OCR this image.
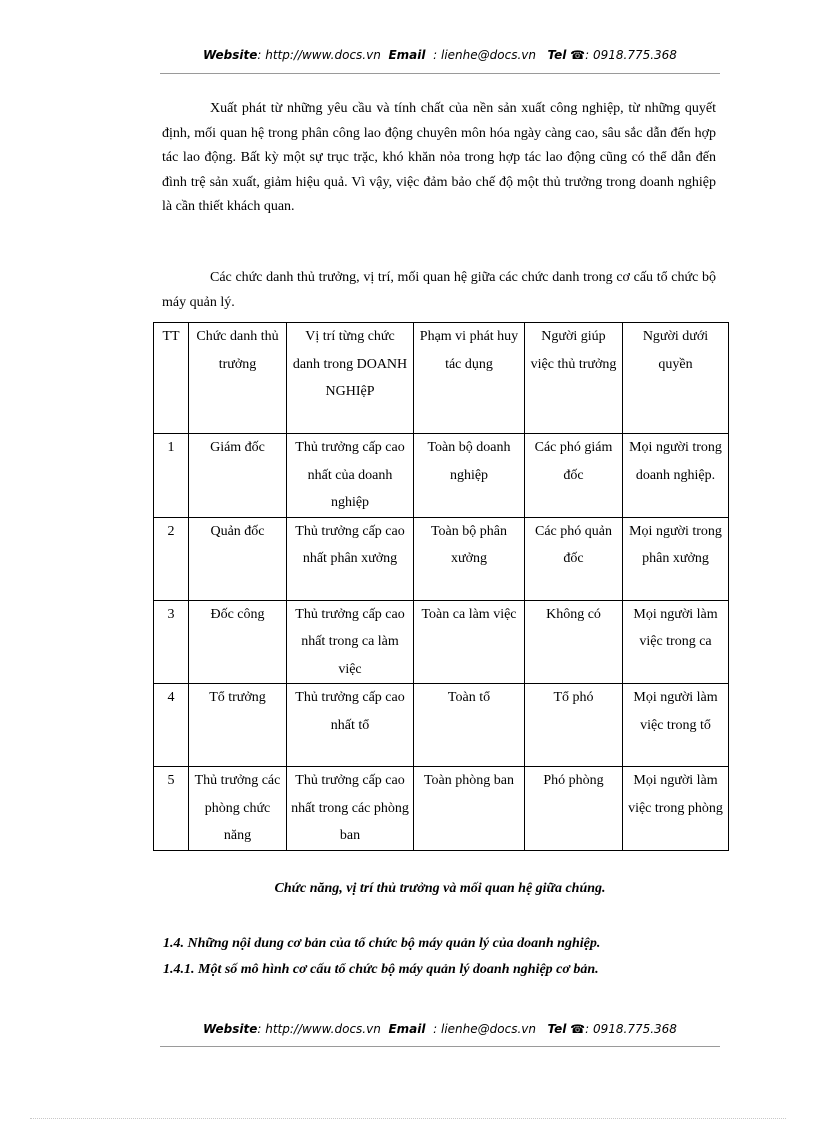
Website: http://www.docs.vn Email : lienhe@docs.vn Tel ☎: 0918.775.368

Xuất phát từ những yêu cầu và tính chất của nền sản xuất công nghiệp, từ những quyết định, mối quan hệ trong phân công lao động chuyên môn hóa ngày càng cao, sâu sắc dẫn đến hợp tác lao động. Bất kỳ một sự trục trặc, khó khăn nỏa trong hợp tác lao động cũng có thể dẫn đến đình trệ sản xuất, giảm hiệu quả. Vì vậy, việc đảm bảo chế độ một thủ trưởng trong doanh nghiệp là cần thiết khách quan.

Các chức danh thủ trưởng, vị trí, mối quan hệ giữa các chức danh trong cơ cấu tổ chức bộ máy quản lý.

TT	Chức danh thủ trưởng	Vị trí từng chức danh trong DOANH NGHIệP	Phạm vi phát huy tác dụng	Người giúp việc thủ trưởng	Người dưới quyền
1	Giám đốc	Thủ trưởng cấp cao nhất của doanh nghiệp	Toàn bộ doanh nghiệp	Các phó giám đốc	Mọi người trong doanh nghiệp.
2	Quản đốc	Thủ trưởng cấp cao nhất phân xưởng	Toàn bộ phân xưởng	Các phó quản đốc	Mọi người trong phân xưởng
3	Đốc công	Thủ trưởng cấp cao nhất trong ca làm việc	Toàn ca làm việc	Không có	Mọi người làm việc trong ca
4	Tổ trưởng	Thủ trưởng cấp cao nhất tổ	Toàn tổ	Tổ phó	Mọi người làm việc trong tổ
5	Thủ trưởng các phòng chức năng	Thủ trưởng cấp cao nhất trong các phòng ban	Toàn phòng ban	Phó phòng	Mọi người làm việc trong phòng
Chức năng, vị trí thủ trưởng và mối quan hệ giữa chúng.
1.4. Những nội dung cơ bản của tổ chức bộ máy quản lý của doanh nghiệp.
1.4.1. Một số mô hình cơ cấu tổ chức bộ máy quản lý doanh nghiệp cơ bản.
Website: http://www.docs.vn Email : lienhe@docs.vn Tel ☎: 0918.775.368
